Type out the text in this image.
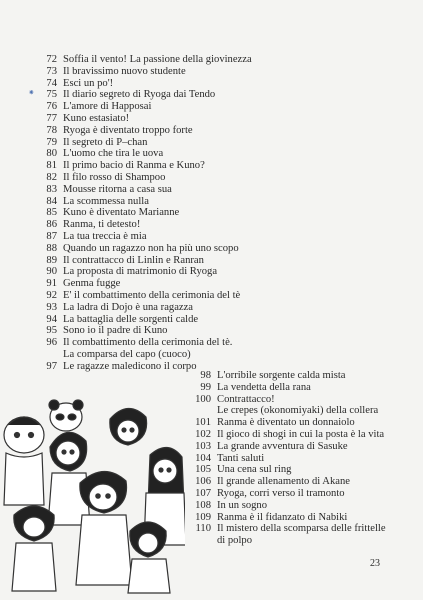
72 Soffia il vento! La passione della giovinezza
73 Il bravissimo nuovo studente
74 Esci un po'!
75 Il diario segreto di Ryoga dai Tendo
76 L'amore di Happosai
77 Kuno estasiato!
78 Ryoga è diventato troppo forte
79 Il segreto di P–chan
80 L'uomo che tira le uova
81 Il primo bacio di Ranma e Kuno?
82 Il filo rosso di Shampoo
83 Mousse ritorna a casa sua
84 La scommessa nulla
85 Kuno è diventato Marianne
86 Ranma, ti detesto!
87 La tua treccia è mia
88 Quando un ragazzo non ha più uno scopo
89 Il contrattacco di Linlin e Ranran
90 La proposta di matrimonio di Ryoga
91 Genma fugge
92 E' il combattimento della cerimonia del tè
93 La ladra di Dojo è una ragazza
94 La battaglia delle sorgenti calde
95 Sono io il padre di Kuno
96 Il combattimento della cerimonia del tè.
La comparsa del capo (cuoco)
97 Le ragazze maledicono il corpo
⁕
98 L'orribile sorgente calda mista
99 La vendetta della rana
100 Contrattacco!
Le crepes (okonomiyaki) della collera
101 Ranma è diventato un donnaiolo
102 Il gioco di shogi in cui la posta è la vita
103 La grande avventura di Sasuke
104 Tanti saluti
105 Una cena sul ring
106 Il grande allenamento di Akane
107 Ryoga, corri verso il tramonto
108 In un sogno
109 Ranma è il fidanzato di Nabiki
110 Il mistero della scomparsa delle frittelle
di polpo
23
